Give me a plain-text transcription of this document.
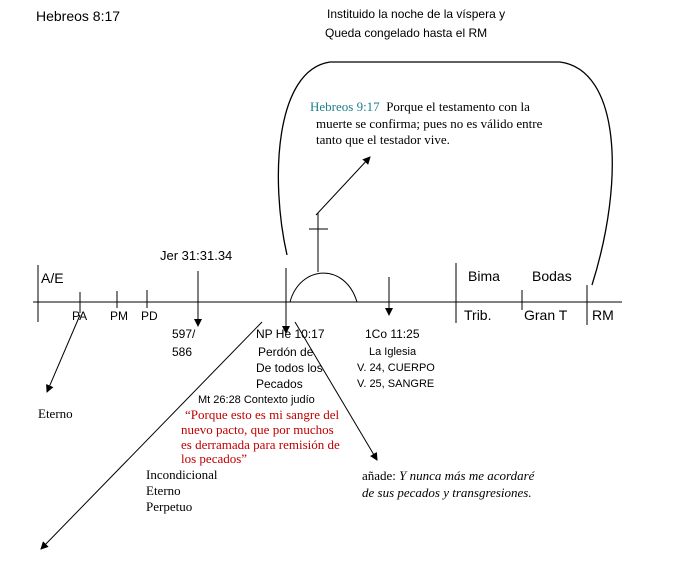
Hebreos 8:17	Instituido la noche de la víspera y
Queda congelado hasta el RM
Hebreos 9:17 Porque el testamento con la
muerte se confirma; pues no es válido entre
tanto que el testador vive.
Jer 31:31.34
A/E
PA PM PD
597/
586
NP He 10:17	1Co 11:25
Bima Bodas
Trib. Gran T RM
Perdón de
De todos los
Pecados
La Iglesia
V. 24, CUERPO
V. 25, SANGRE
Eterno
Mt 26:28 Contexto judío
“Porque esto es mi sangre del
nuevo pacto, que por muchos
es derramada para remisión de
los pecados”
Incondicional
Eterno
Perpetuo
añade: Y nunca más me acordaré
de sus pecados y transgresiones.
